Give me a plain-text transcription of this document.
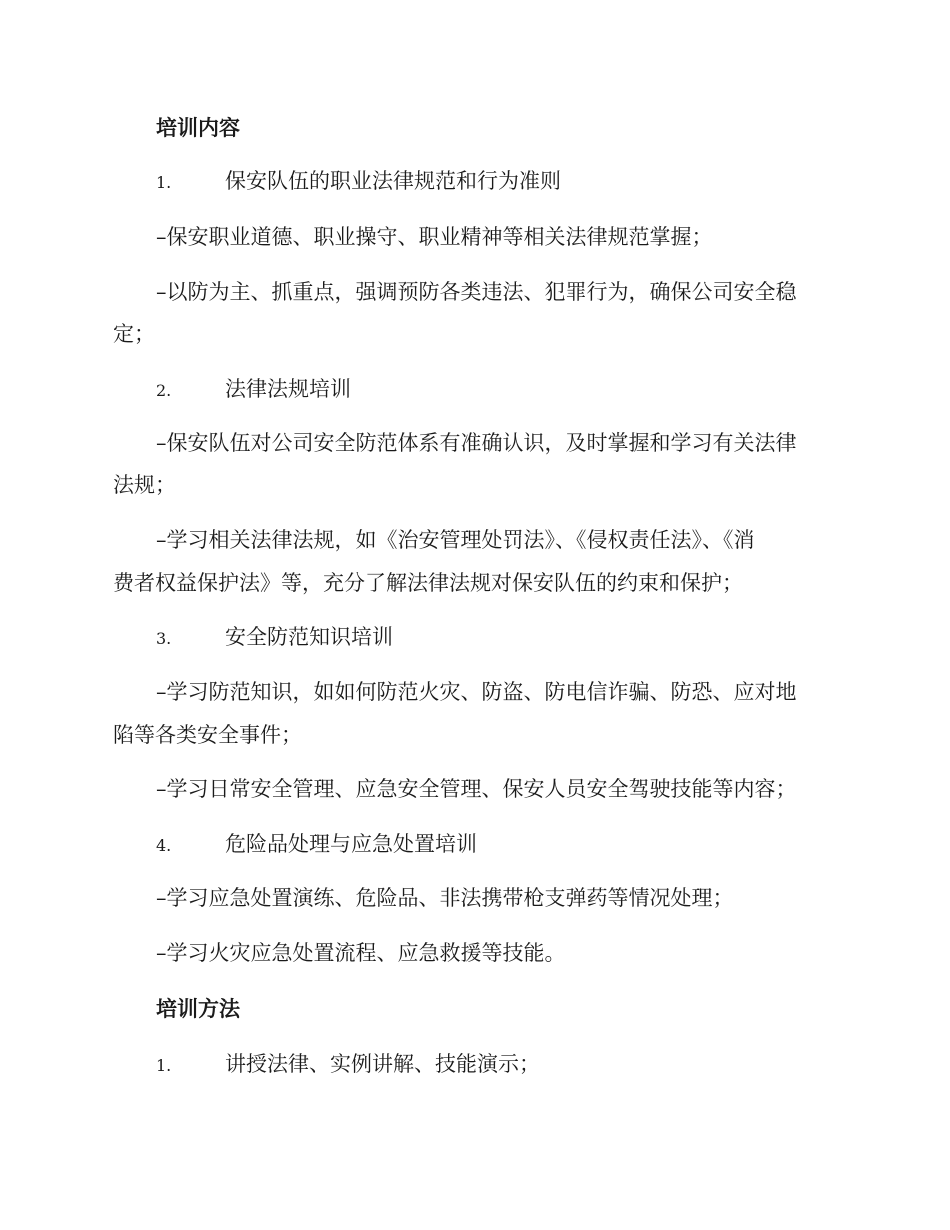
培训内容
1.	保安队伍的职业法律规范和行为准则
–保安职业道德、职业操守、职业精神等相关法律规范掌握；
–以防为主、抓重点，强调预防各类违法、犯罪行为，确保公司安全稳
定；
2.	法律法规培训
–保安队伍对公司安全防范体系有准确认识，及时掌握和学习有关法律
法规；
–学习相关法律法规，如《治安管理处罚法》、《侵权责任法》、《消
费者权益保护法》等，充分了解法律法规对保安队伍的约束和保护；
3.	安全防范知识培训
–学习防范知识，如如何防范火灾、防盗、防电信诈骗、防恐、应对地
陷等各类安全事件；
–学习日常安全管理、应急安全管理、保安人员安全驾驶技能等内容；
4.	危险品处理与应急处置培训
–学习应急处置演练、危险品、非法携带枪支弹药等情况处理；
–学习火灾应急处置流程、应急救援等技能。
培训方法
1.	讲授法律、实例讲解、技能演示；
